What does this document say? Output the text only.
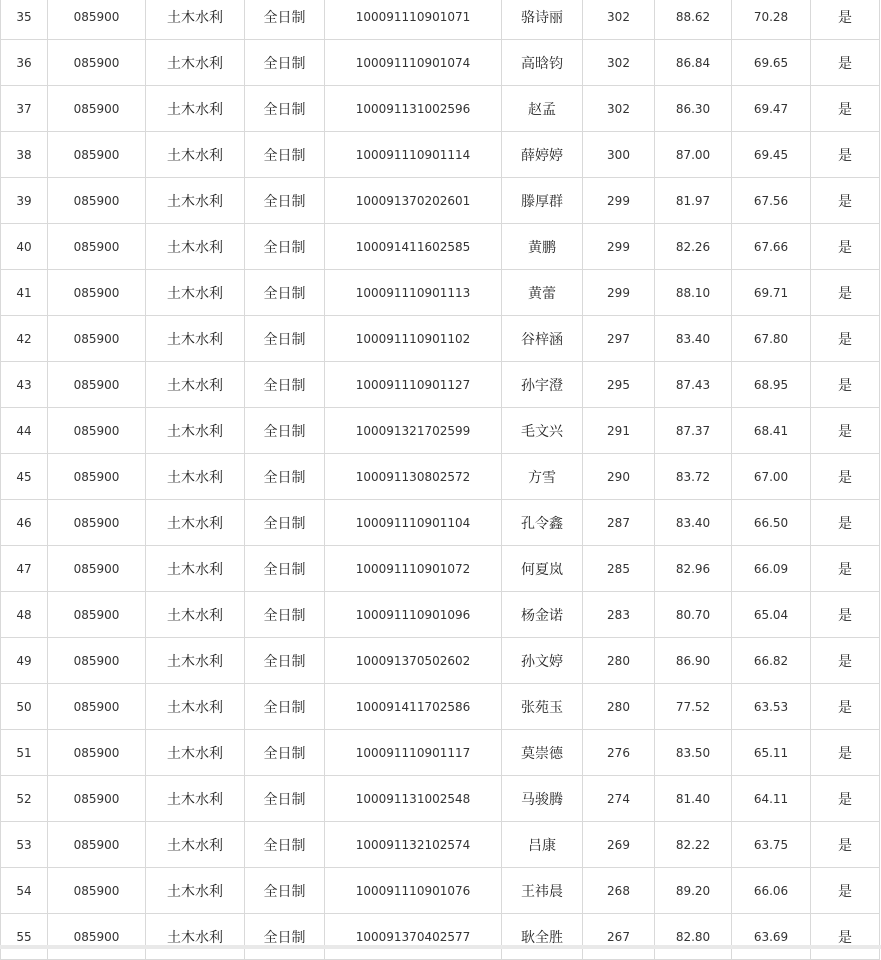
35	085900	土木水利	全日制	100091110901071	骆诗丽	302	88.62	70.28	是
36	085900	土木水利	全日制	100091110901074	高晗钧	302	86.84	69.65	是
37	085900	土木水利	全日制	100091131002596	赵孟	302	86.30	69.47	是
38	085900	土木水利	全日制	100091110901114	薛婷婷	300	87.00	69.45	是
39	085900	土木水利	全日制	100091370202601	滕厚群	299	81.97	67.56	是
40	085900	土木水利	全日制	100091411602585	黄鹏	299	82.26	67.66	是
41	085900	土木水利	全日制	100091110901113	黄蕾	299	88.10	69.71	是
42	085900	土木水利	全日制	100091110901102	谷梓涵	297	83.40	67.80	是
43	085900	土木水利	全日制	100091110901127	孙宇澄	295	87.43	68.95	是
44	085900	土木水利	全日制	100091321702599	毛文兴	291	87.37	68.41	是
45	085900	土木水利	全日制	100091130802572	方雪	290	83.72	67.00	是
46	085900	土木水利	全日制	100091110901104	孔令鑫	287	83.40	66.50	是
47	085900	土木水利	全日制	100091110901072	何夏岚	285	82.96	66.09	是
48	085900	土木水利	全日制	100091110901096	杨金诺	283	80.70	65.04	是
49	085900	土木水利	全日制	100091370502602	孙文婷	280	86.90	66.82	是
50	085900	土木水利	全日制	100091411702586	张苑玉	280	77.52	63.53	是
51	085900	土木水利	全日制	100091110901117	莫崇德	276	83.50	65.11	是
52	085900	土木水利	全日制	100091131002548	马骏腾	274	81.40	64.11	是
53	085900	土木水利	全日制	100091132102574	吕康	269	82.22	63.75	是
54	085900	土木水利	全日制	100091110901076	王祎晨	268	89.20	66.06	是
55	085900	土木水利	全日制	100091370402577	耿全胜	267	82.80	63.69	是
